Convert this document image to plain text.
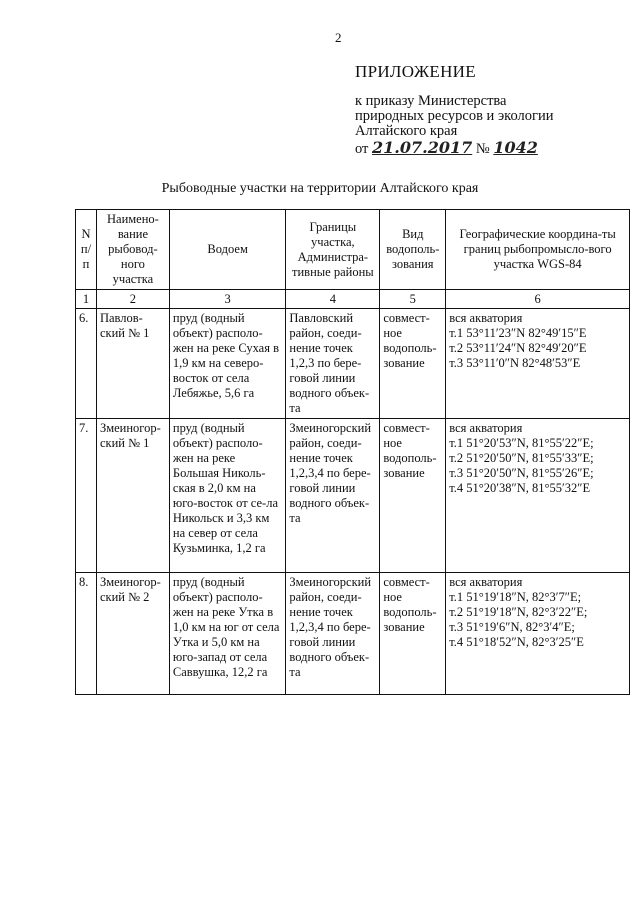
2
ПРИЛОЖЕНИЕ
к приказу Министерства
природных ресурсов и экологии
Алтайского края
от
21.07.2017
№
1042
Рыбоводные участки на территории Алтайского края
N п/п	Наимено-вание рыбовод-ного участка	Водоем	Границы участка, Администра-тивные районы	Вид водополь-зования	Географические координа-ты границ рыбопромысло-вого участка WGS-84
1	2	3	4	5	6
6.	Павлов-ский № 1	пруд (водный объект) располо-жен на реке Сухая в 1,9 км на северо-восток от села Лебяжье, 5,6 га	Павловский район, соеди-нение точек 1,2,3 по бере-говой линии водного объек-та	совмест-ное водополь-зование	вся акватория
т.1 53°11′23″N 82°49′15″E
т.2 53°11′24″N 82°49′20″E
т.3 53°11′0″N 82°48′53″E

7.	Змеиногор-ский № 1	пруд (водный объект) располо-жен на реке Большая Николь-ская в 2,0 км на юго-восток от се-ла Никольск и 3,3 км на север от села Кузьминка, 1,2 га	Змеиногорский район, соеди-нение точек 1,2,3,4 по бере-говой линии водного объек-та	совмест-ное водополь-зование	вся акватория
т.1 51°20′53″N, 81°55′22″E;
т.2 51°20′50″N, 81°55′33″E;
т.3 51°20′50″N, 81°55′26″E;
т.4 51°20′38″N, 81°55′32″E

8.	Змеиногор-ский № 2	пруд (водный объект) располо-жен на реке Утка в 1,0 км на юг от села Утка и 5,0 км на юго-запад от села Саввушка, 12,2 га	Змеиногорский район, соеди-нение точек 1,2,3,4 по бере-говой линии водного объек-та	совмест-ное водополь-зование	вся акватория
т.1 51°19′18″N, 82°3′7″E;
т.2 51°19′18″N, 82°3′22″E;
т.3 51°19′6″N, 82°3′4″E;
т.4 51°18′52″N, 82°3′25″E
